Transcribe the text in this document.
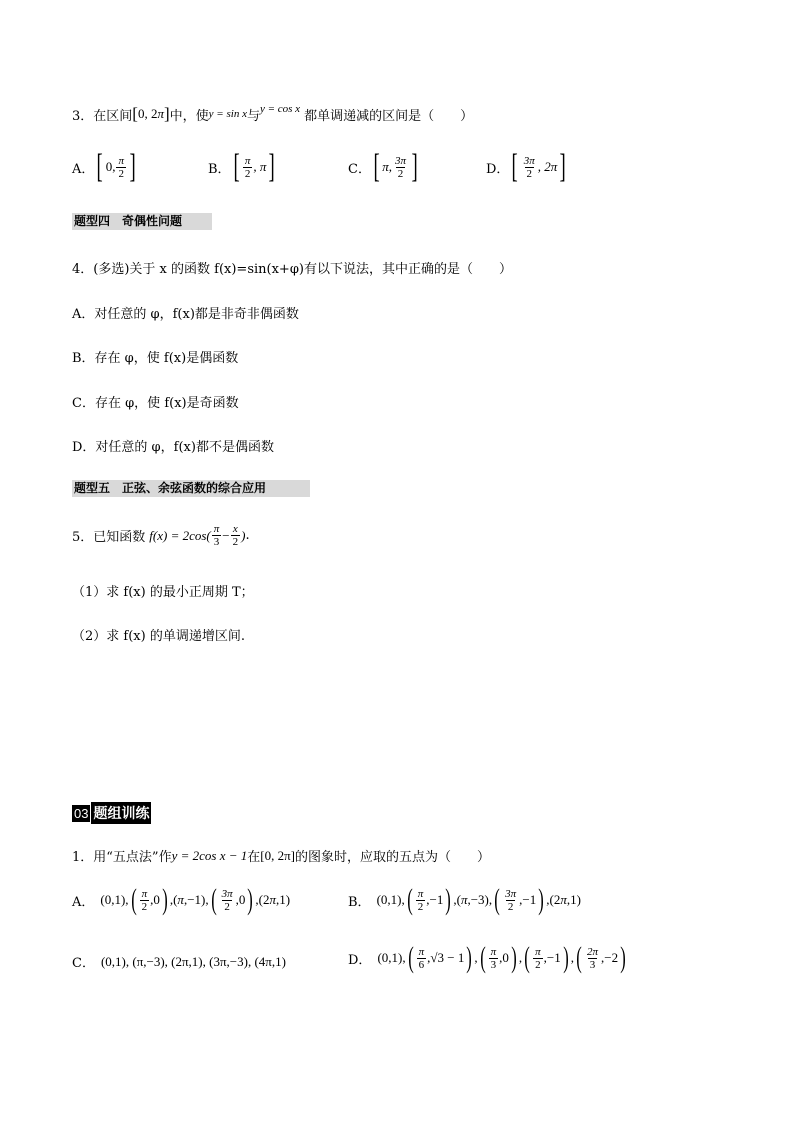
3． 在区间 [ 0, 2 π ] 中，使 y = sin x 与 y = cos x 都单调递减的区间是（　　）
A． [ 0, $\frac{\pi}{2}$ ]	B． [ $\frac{\pi}{2}$ , π ]	C． [ π, $\frac{3\pi}{2}$ ]	D． [ $\frac{3\pi}{2}$ , 2π ]
题型四　奇偶性问题
4．(多选)关于 x 的函数 f(x)=sin(x+φ)有以下说法，其中正确的是（　　）
A．对任意的 φ，f(x)都是非奇非偶函数
B．存在 φ，使 f(x)是偶函数
C．存在 φ，使 f(x)是奇函数
D．对任意的 φ，f(x)都不是偶函数
题型五　正弦、余弦函数的综合应用
5．已知函数 $f(x) = 2\cos( \frac{\pi}{3} - \frac{x}{2}$ ) .
（1）求 f(x) 的最小正周期 T；
（2）求 f(x) 的单调递增区间.
03 题组训练
1．用“五点法”作 y = 2cos x − 1 在 [0, 2π] 的图象时，应取的五点为（　　）
A． (0,1), ( $\frac{\pi}{2} ,0$ ) ,(π,−1), ( $\frac{3\pi}{2} ,0$ ) ,(2π,1)	B． (0,1), ( $\frac{\pi}{2} ,-1$ ) ,(π,−3), ( $\frac{3\pi}{2} ,-1$ ) ,(2π,1)
C． (0,1), (π,−3), (2π,1), (3π,−3), (4π,1)	D． (0,1), ( $\frac{\pi}{6} ,√3 - 1$ ) , ( $\frac{\pi}{3} ,0$ ) , ( $\frac{\pi}{2} ,-1$ ) , ( $\frac{2\pi}{3} ,-2$ )
